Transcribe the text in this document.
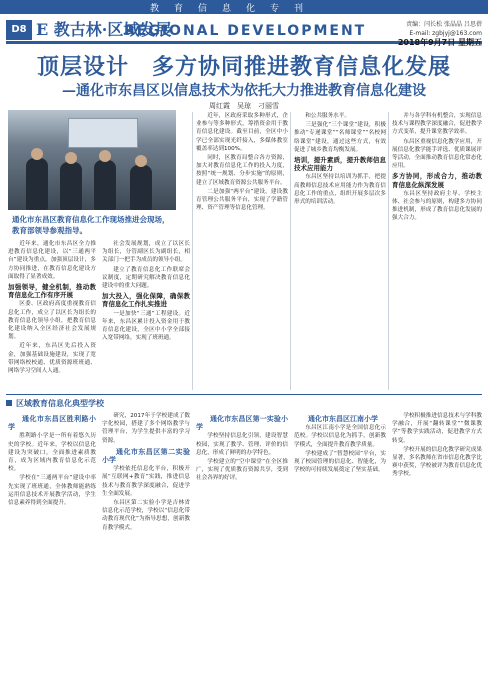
教育信息化专刊
D8 E 教古林·区域发展
REGIONAL DEVELOPMENT	责编：闫长松 张晶晶 吕思蓓
E-mail: zgbjyj@163.com
2018年9月7日 星期五
顶层设计　多方协同推进教育信息化发展
—通化市东昌区以信息技术为依托大力推进教育信息化建设
周红霞　吴琼　刁丽雪
通化市东昌区教育信息化工作现场推进会现场，教育部领导参观指导。

近年来，通化市东昌区全力推进教育信息化建设，以“三通两平台”建设为重点，加强顶层设计，多方协同推进，在教育信息化建设方面取得了显著成效。

加强领导，健全机制，推动教育信息化工作有序开展

区委、区政府高度重视教育信息化工作，成立了以区长为组长的教育信息化领导小组，把教育信息化建设纳入全区经济社会发展规划。

近年来，东昌区先后投入资金，加强基础设施建设，实现了宽带网络校校通、优质资源班班通、网络学习空间人人通。

社会发展规划，成立了以区长为组长，分管副区长为副组长，相关部门一把手为成员的领导小组。

建立了教育信息化工作联席会议制度，定期研究解决教育信息化建设中的重大问题。

加大投入，强化保障，确保教育信息化工作扎实推进

一是加快“三通”工程建设。近年来，东昌区累计投入资金用于教育信息化建设，全区中小学全部接入宽带网络，实现了班班通。

近年，区政府采取多种形式，企业参与等多种形式，筹措资金用于教育信息化建设。截至目前，全区中小学已全部实现光纤接入，多媒体教室覆盖率达到100%。

同时，区教育局整合各方资源，加大对教育信息化工作的投入力度，按照“统一规划、分步实施”的原则，建立了区域教育资源公共服务平台。

二是加强“两平台”建设。建设教育管理公共服务平台，实现了学籍管理、资产管理等信息化管理。

和公共服务水平。

三是强化“三个课堂”建设，积极推动“专递课堂”“名师课堂”“名校网络课堂”建设，通过这些方式，有效促进了城乡教育均衡发展。

培训，提升素质，提升教师信息技术应用能力

东昌区坚持以培训为抓手，把提高教师信息技术应用能力作为教育信息化工作的重点，组织开展多层次多形式的培训活动。

并与各学科有机整合，实现信息技术与课程教学深度融合，促进教学方式变革，提升课堂教学效率。

东昌区重视信息化教学应用，开展信息化教学能手评选、优质课展评等活动，全面推动教育信息化常态化应用。

多方协同，形成合力，推动教育信息化纵深发展

东昌区坚持政府主导、学校主体、社会参与的原则，构建多方协同推进机制，形成了教育信息化发展的强大合力。

区域教育信息化典型学校

通化市东昌区胜利路小学

胜利路小学是一所有着悠久历史的学校。近年来，学校以信息化建设为突破口，全面推进素质教育，成为区域内教育信息化示范校。

学校在“三通两平台”建设中率先实现了班班通，全体教师能熟练运用信息技术开展教学活动，学生信息素养得到全面提升。

研究，2017年于学校建成了数字化校园，搭建了多个网络教学与管理平台，为学生提供丰富的学习资源。

通化市东昌区第二实验小学

学校依托信息化平台，积极开展“互联网+教育”实践，推进信息技术与教育教学深度融合，促进学生全面发展。

东昌区第二实验小学是吉林省信息化示范学校，学校以“信息化带动教育现代化”为指导思想，创新教育教学模式。

通化市东昌区第一实验小学

学校坚持信息化引领，建设智慧校园，实现了教学、管理、评价的信息化，形成了鲜明的办学特色。

学校建立的“空中课堂”在全区推广，实现了优质教育资源共享，受到社会各界的好评。

通化市东昌区江南小学

东昌区江南小学是全国信息化示范校。学校以信息化为抓手，创新教学模式，全面提升教育教学质量。

学校建成了“智慧校园”平台，实现了校园管理的信息化、智能化，为学校的可持续发展奠定了坚实基础。

学校积极推进信息技术与学科教学融合，开展“翻转课堂”“微课教学”等教学实践活动，促进教学方式转变。

学校开展的信息化教学研究成果显著，多名教师在省市信息化教学比赛中获奖，学校被评为教育信息化优秀学校。
